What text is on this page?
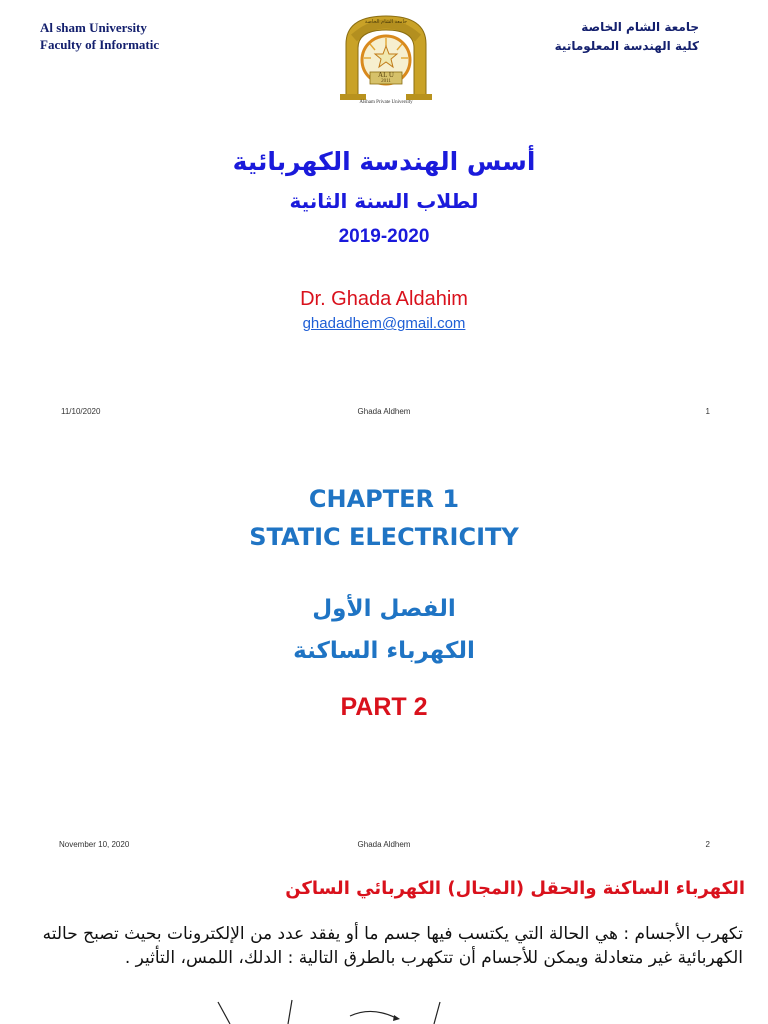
Al sham University
Faculty of Informatic
جامعة الشام الخاصة
كلية الهندسة المعلوماتية
AL U
2011
Alsham Private University
جامعة الشام الخاصة
أسس الهندسة الكهربائية
لطلاب السنة الثانية
2019-2020
Dr. Ghada Aldahim
ghadadhem@gmail.com
11/10/2020	Ghada Aldhem	1
CHAPTER 1
STATIC ELECTRICITY
الفصل الأول
الكهرباء الساكنة
PART 2
November 10, 2020	Ghada Aldhem	2
الكهرباء الساكنة والحقل (المجال) الكهربائي الساكن
تكهرب الأجسام : هي الحالة التي يكتسب فيها جسم ما أو يفقد عدد من الإلكترونات بحيث تصبح حالته الكهربائية غير متعادلة ويمكن للأجسام أن تتكهرب بالطرق التالية : الدلك، اللمس، التأثير .
